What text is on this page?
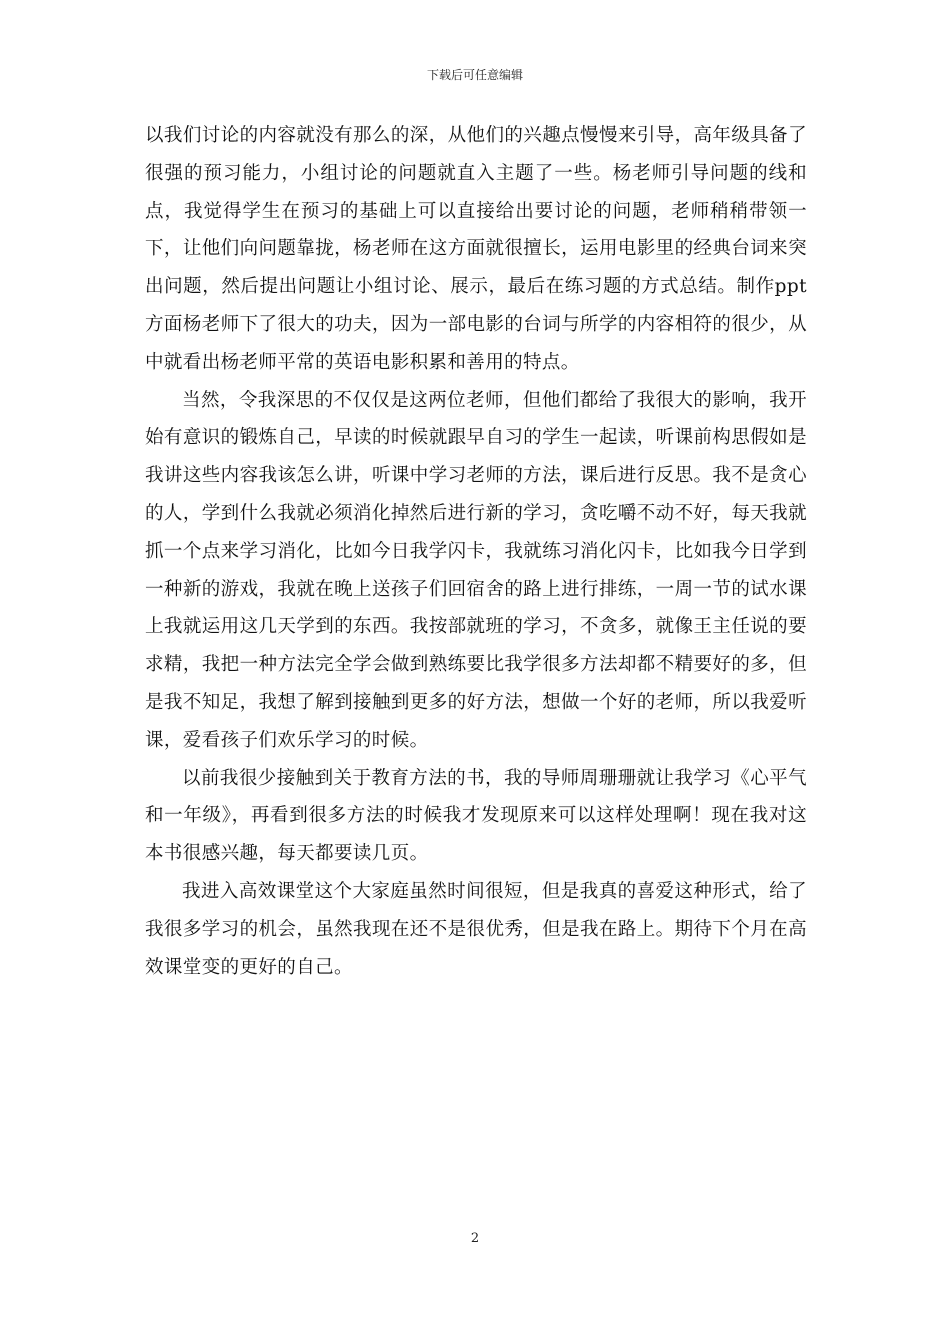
下载后可任意编辑

以我们讨论的内容就没有那么的深，从他们的兴趣点慢慢来引导，高年级具备了很强的预习能力，小组讨论的问题就直入主题了一些。杨老师引导问题的线和点，我觉得学生在预习的基础上可以直接给出要讨论的问题，老师稍稍带领一下，让他们向问题靠拢，杨老师在这方面就很擅长，运用电影里的经典台词来突出问题，然后提出问题让小组讨论、展示，最后在练习题的方式总结。制作ppt方面杨老师下了很大的功夫，因为一部电影的台词与所学的内容相符的很少，从中就看出杨老师平常的英语电影积累和善用的特点。

当然，令我深思的不仅仅是这两位老师，但他们都给了我很大的影响，我开始有意识的锻炼自己，早读的时候就跟早自习的学生一起读，听课前构思假如是我讲这些内容我该怎么讲，听课中学习老师的方法，课后进行反思。我不是贪心的人，学到什么我就必须消化掉然后进行新的学习，贪吃嚼不动不好，每天我就抓一个点来学习消化，比如今日我学闪卡，我就练习消化闪卡，比如我今日学到一种新的游戏，我就在晚上送孩子们回宿舍的路上进行排练，一周一节的试水课上我就运用这几天学到的东西。我按部就班的学习，不贪多，就像王主任说的要求精，我把一种方法完全学会做到熟练要比我学很多方法却都不精要好的多，但是我不知足，我想了解到接触到更多的好方法，想做一个好的老师，所以我爱听课，爱看孩子们欢乐学习的时候。

以前我很少接触到关于教育方法的书，我的导师周珊珊就让我学习《心平气和一年级》，再看到很多方法的时候我才发现原来可以这样处理啊！现在我对这本书很感兴趣，每天都要读几页。

我进入高效课堂这个大家庭虽然时间很短，但是我真的喜爱这种形式，给了我很多学习的机会，虽然我现在还不是很优秀，但是我在路上。期待下个月在高效课堂变的更好的自己。

2
